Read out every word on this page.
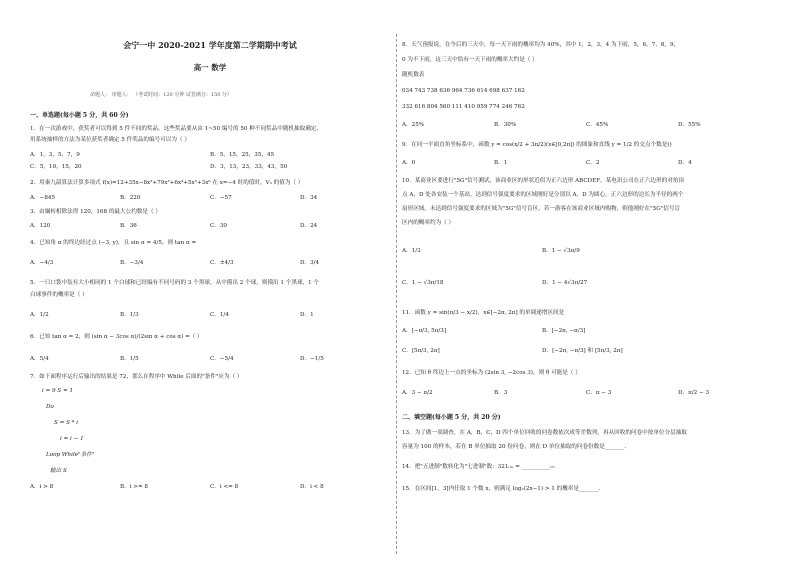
会宁一中 2020-2021 学年度第二学期期中考试
高一 数学
命题人： 审题人： （考试时间：120 分钟 试卷满分：150 分）
一、单选题(每小题 5 分，共 60 分)
1．在一次游戏中，获奖者可以得到 5 件不同的奖品，这些奖品要从由 1~50 编号的 50 种不同奖品中随机抽取确定，
用系统抽样的方法为某位获奖者确定 5 件奖品的编号可以为（ ）
A．1，3，5，7，9	B．5，15，25，35，45
C．5，10，15，20	D．3，13，23，33，43，50
2．用秦九韶算法计算多项式 f(x)=12+35x−8x²+79x³+6x⁴+5x⁵+3x⁶ 在 x=−4 时的值时，V₃ 的值为（ ）
A．−845	B．220	C．−57	D．34
3．由辗转相除法得 120，168 的最大公约数是（ ）
A．120	B．36	C．30	D．24
4．已知角 α 的终边经过点 (−3, y)，且 sin α = 4/5，则 tan α =
A．−4/3	B．−3/4	C．±4/3	D．3/4
5．一只口袋中装有大小相同的 1 个白球和已经编有不同号码的 3 个黑球，从中摸出 2 个球，则摸出 1 个黑球，1 个
白球事件的概率是（ ）
A．1/2	B．1/3	C．1/4	D．1
6．已知 tan α = 2，则 (sin α − 3cos α)/(2sin α + cos α) =（ ）
A．5/4	B．1/5	C．−5/4	D．−1/5
7．如下面程序运行后输出的结果是 72，那么在程序中 While 后面的"条件"应为（ ）
i = 9 S = 1
Do
S = S * i
i = i − 1
Loop While"条件"
输出 S
A．i > 8	B．i >= 8	C．i <= 8	D．i < 8
8．天气预报说，在今后的三天中，每一天下雨的概率均为 40%，其中 1，2，3，4 为下雨，5，6，7，8，9，
0 为不下雨，这三天中恰有一天下雨的概率大约是（ ）
随机数表
034 743 738 636 964 736 614 698 637 162
332 616 804 560 111 410 959 774 246 762
A．25%	B．30%	C．45%	D．55%
9．在同一平面直角坐标系中，函数 y = cos(x/2 + 3π/2)(x∈[0,2π]) 的图象和直线 y = 1/2 的交点个数是()
A．0	B．1	C．2	D．4
10．某商业区要进行"5G"信号测试，该商业区的形状近似为正六边形 ABCDEF，某电讯公司在正六边形的对角顶
点 A，D 处各安装一个基站，达到信号强度要求的区域刚好是分别以 A，D 为圆心，正六边形的边长为半径的两个
扇形区域。未达到信号强度要求的区域为"5G"信号盲区，若一游客在该商业区域内购物，则他刚好在"5G"信号盲
区内的概率约为（ ）
A．1/3	B．1 − √3π/9
C．1 − √3π/18	D．1 − 4√3π/27
11．函数 y = sin(π/3 − x/2)，x∈[−2π, 2π] 的单调递增区间是
A．[−π/3, 5π/3]	B．[−2π, −π/3]
C．[5π/3, 2π]	D．[−2π, −π/3] 和 [5π/3, 2π]
12．已知 θ 终边上一点的坐标为 (2sin 3, −2cos 3)，则 θ 可能是（ ）
A．3 − π/2	B．3	C．π − 3	D．π/2 − 3
二、填空题(每小题 5 分，共 20 分)
13．为了做一项调查，在 A，B，C，D 四个单位回收的问卷数依次成等差数列，再从回收的问卷中按单位分层抽取
容量为 100 的样本，若在 B 单位抽取 20 份问卷，则在 D 单位抽取的问卷份数是_______.
14．把"五进制"数转化为"七进制"数：321₍₅₎ = __________₍₇₎
15．在区间[1，3]内任取 1 个数 x，则满足 log₂(2x−1) > 1 的概率是_______.
